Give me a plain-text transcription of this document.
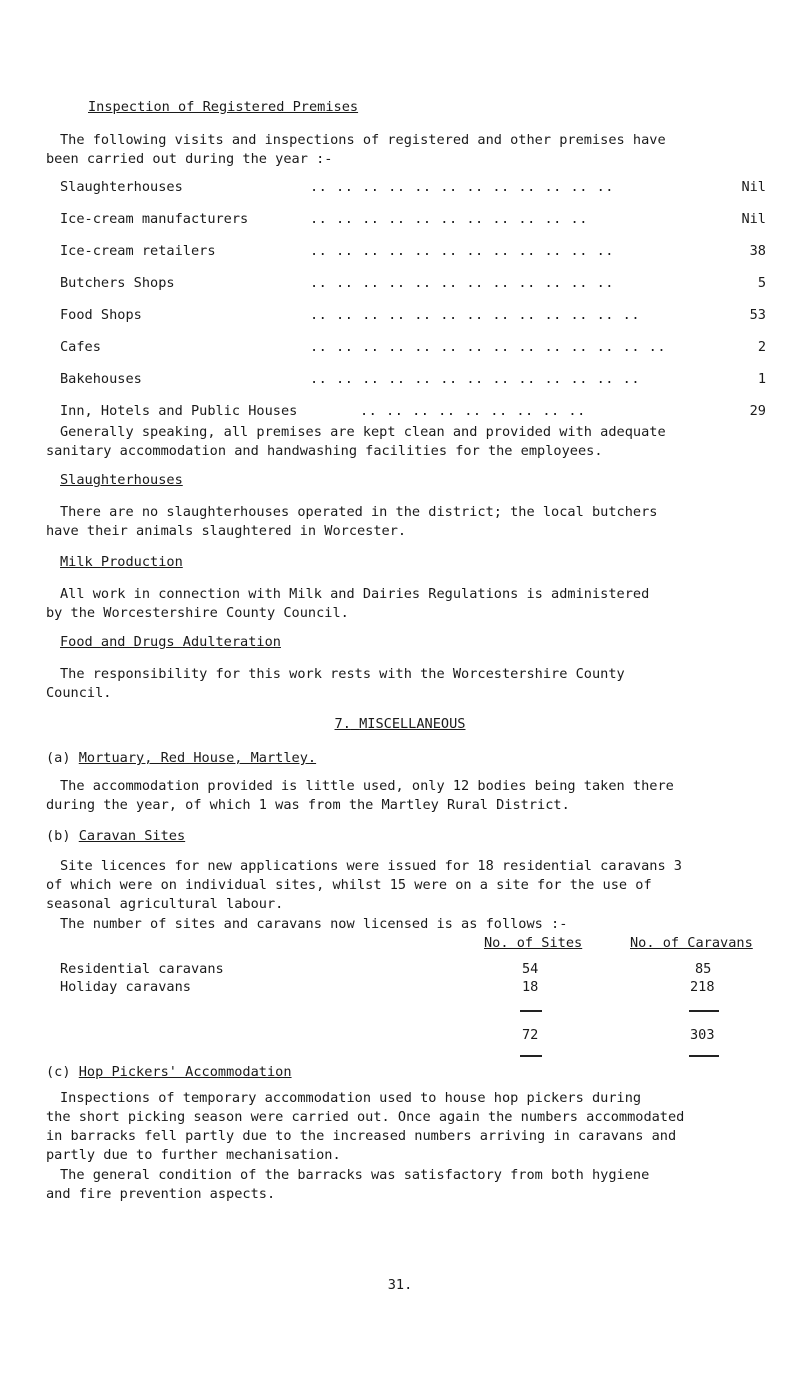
Inspection of Registered Premises
The following visits and inspections of registered and other premises have
been carried out during the year :-
Slaughterhouses	.. .. .. .. .. .. .. .. .. .. .. ..	Nil
Ice-cream manufacturers	.. .. .. .. .. .. .. .. .. .. ..	Nil
Ice-cream retailers	.. .. .. .. .. .. .. .. .. .. .. ..	38
Butchers Shops	.. .. .. .. .. .. .. .. .. .. .. ..	5
Food Shops	.. .. .. .. .. .. .. .. .. .. .. .. ..	53
Cafes	.. .. .. .. .. .. .. .. .. .. .. .. .. ..	2
Bakehouses	.. .. .. .. .. .. .. .. .. .. .. .. ..	1
Inn, Hotels and Public Houses	.. .. .. .. .. .. .. .. ..	29
Generally speaking, all premises are kept clean and provided with adequate
sanitary accommodation and handwashing facilities for the employees.
Slaughterhouses
There are no slaughterhouses operated in the district; the local butchers
have their animals slaughtered in Worcester.
Milk Production
All work in connection with Milk and Dairies Regulations is administered
by the Worcestershire County Council.
Food and Drugs Adulteration
The responsibility for this work rests with the Worcestershire County
Council.
7. MISCELLANEOUS
(a) Mortuary, Red House, Martley.
The accommodation provided is little used, only 12 bodies being taken there
during the year, of which 1 was from the Martley Rural District.
(b) Caravan Sites
Site licences for new applications were issued for 18 residential caravans 3
of which were on individual sites, whilst 15 were on a site for the use of
seasonal agricultural labour.
The number of sites and caravans now licensed is as follows :-
No. of Sites	No. of Caravans
Residential caravans	54	85
Holiday caravans	18	218
72	303
(c) Hop Pickers' Accommodation
Inspections of temporary accommodation used to house hop pickers during
the short picking season were carried out. Once again the numbers accommodated
in barracks fell partly due to the increased numbers arriving in caravans and
partly due to further mechanisation.
The general condition of the barracks was satisfactory from both hygiene
and fire prevention aspects.
31.
